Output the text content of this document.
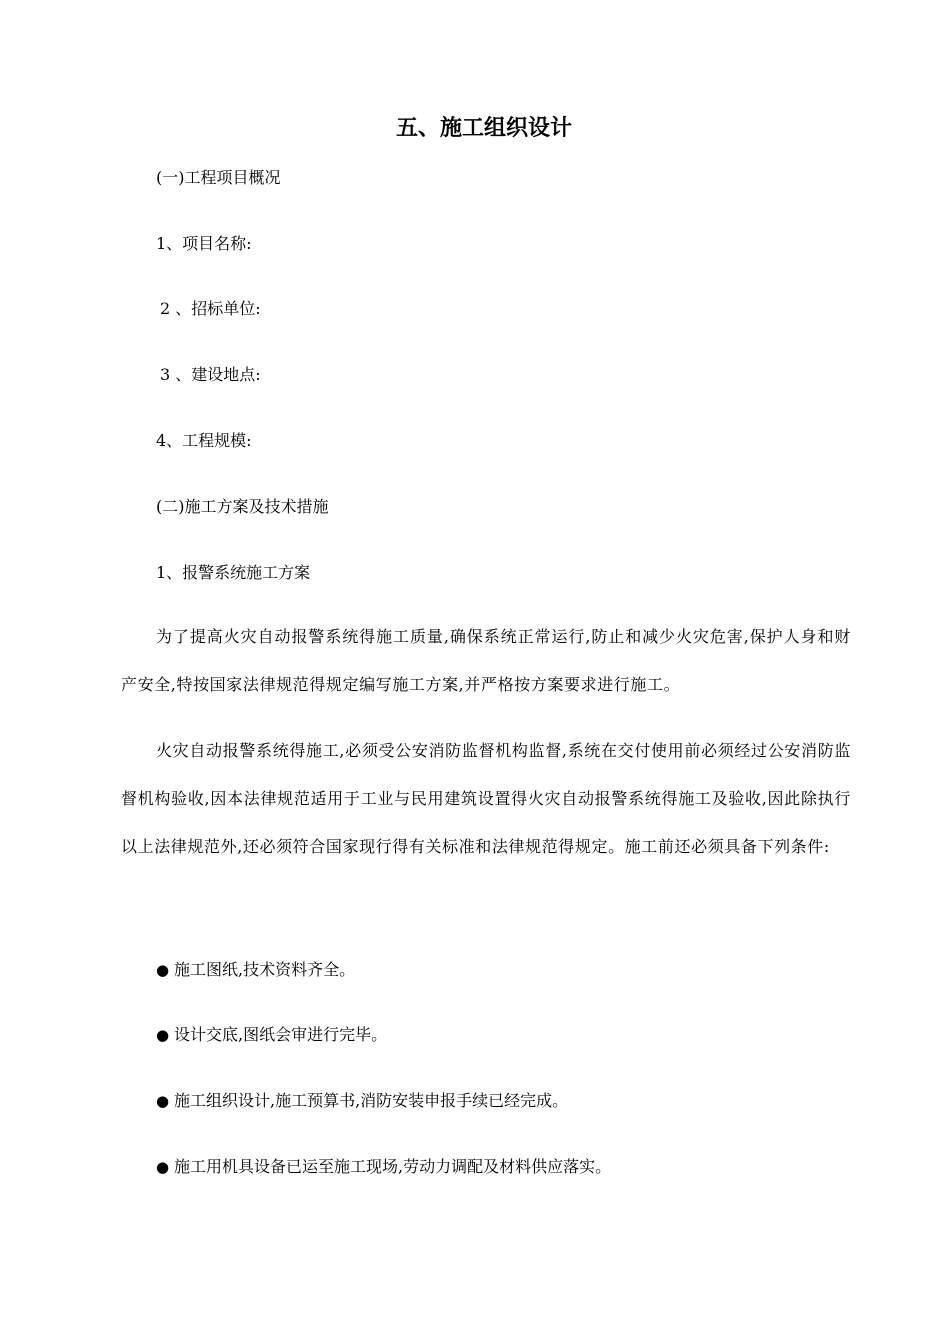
五、施工组织设计
(一)工程项目概况
1、项目名称:
2 、招标单位:
3 、建设地点:
4、工程规模:
(二)施工方案及技术措施
1、报警系统施工方案
为了提高火灾自动报警系统得施工质量,确保系统正常运行,防止和减少火灾危害,保护人身和财产安全,特按国家法律规范得规定编写施工方案,并严格按方案要求进行施工。
火灾自动报警系统得施工,必须受公安消防监督机构监督,系统在交付使用前必须经过公安消防监督机构验收,因本法律规范适用于工业与民用建筑设置得火灾自动报警系统得施工及验收,因此除执行以上法律规范外,还必须符合国家现行得有关标准和法律规范得规定。施工前还必须具备下列条件:
● 施工图纸,技术资料齐全。
● 设计交底,图纸会审进行完毕。
● 施工组织设计,施工预算书,消防安装申报手续已经完成。
● 施工用机具设备已运至施工现场,劳动力调配及材料供应落实。
